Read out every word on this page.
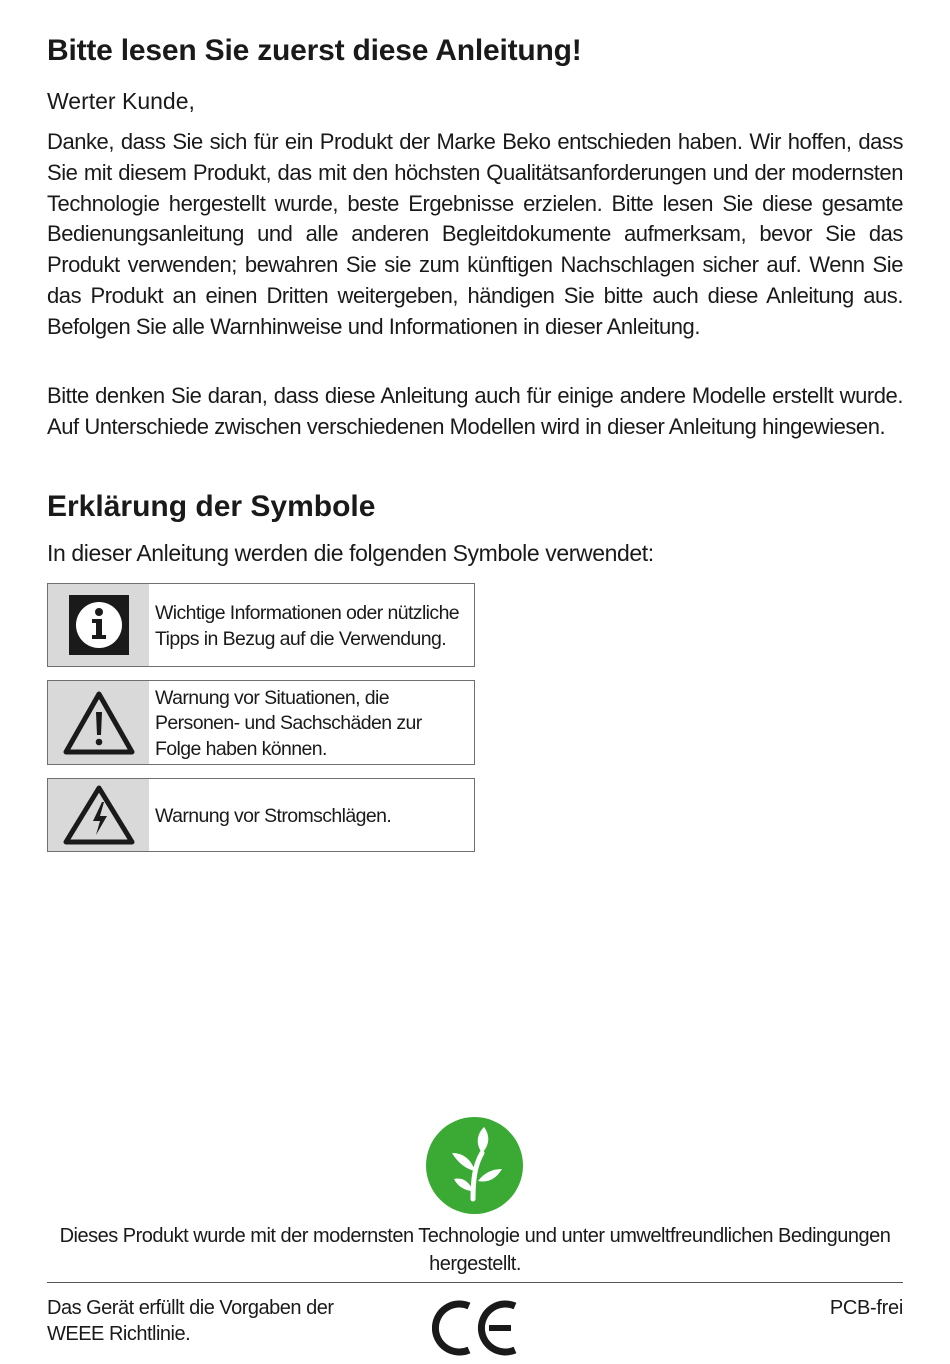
Bitte lesen Sie zuerst diese Anleitung!

Werter Kunde,

Danke, dass Sie sich für ein Produkt der Marke Beko entschieden haben. Wir hoffen, dass Sie mit diesem Produkt, das mit den höchsten Qualitätsanforderungen und der modernsten Technologie hergestellt wurde, beste Ergebnisse erzielen. Bitte lesen Sie diese gesamte Bedienungsanleitung und alle anderen Begleitdokumente aufmerksam, bevor Sie das Produkt verwenden; bewahren Sie sie zum künftigen Nachschlagen sicher auf. Wenn Sie das Produkt an einen Dritten weitergeben, händigen Sie bitte auch diese Anleitung aus. Befolgen Sie alle Warnhinweise und Informationen in dieser Anleitung.

Bitte denken Sie daran, dass diese Anleitung auch für einige andere Modelle erstellt wurde. Auf Unterschiede zwischen verschiedenen Modellen wird in dieser Anleitung hingewiesen.

Erklärung der Symbole

In dieser Anleitung werden die folgenden Symbole verwendet:

Wichtige Informationen oder nützliche Tipps in Bezug auf die Verwendung.
Warnung vor Situationen, die Personen- und Sachschäden zur Folge haben können.
Warnung vor Stromschlägen.

Dieses Produkt wurde mit der modernsten Technologie und unter umweltfreundlichen Bedingungen hergestellt.

Das Gerät erfüllt die Vorgaben der
WEEE Richtlinie.

PCB-frei
